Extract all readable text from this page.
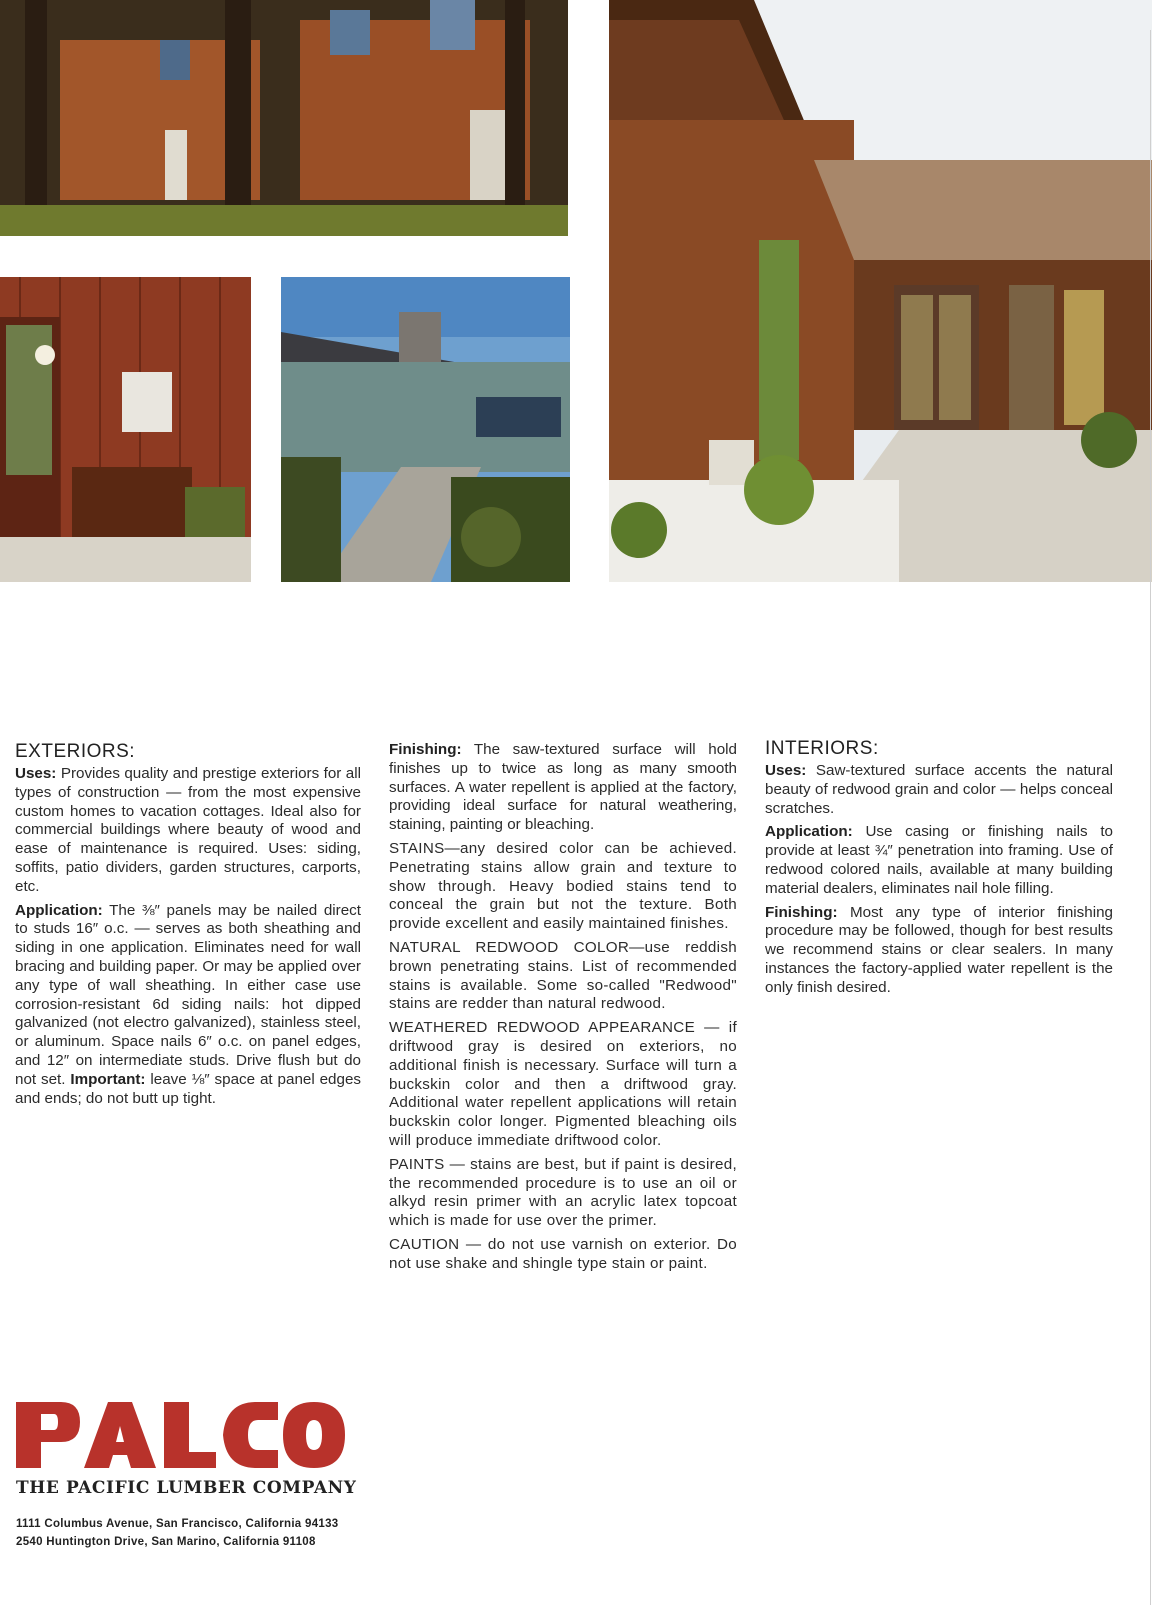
EXTERIORS:

Uses: Provides quality and prestige exteriors for all types of construction — from the most expensive custom homes to vacation cottages. Ideal also for commercial buildings where beauty of wood and ease of maintenance is required. Uses: siding, soffits, patio dividers, garden structures, carports, etc.

Application: The ⅜″ panels may be nailed direct to studs 16″ o.c. — serves as both sheathing and siding in one application. Eliminates need for wall bracing and building paper. Or may be applied over any type of wall sheathing. In either case use corrosion-resistant 6d siding nails: hot dipped galvanized (not electro galvanized), stainless steel, or aluminum. Space nails 6″ o.c. on panel edges, and 12″ on intermediate studs. Drive flush but do not set. Important: leave ⅛″ space at panel edges and ends; do not butt up tight.

Finishing: The saw-textured surface will hold finishes up to twice as long as many smooth surfaces. A water repellent is applied at the factory, providing ideal surface for natural weathering, staining, painting or bleaching.

STAINS—any desired color can be achieved. Penetrating stains allow grain and texture to show through. Heavy bodied stains tend to conceal the grain but not the texture. Both provide excellent and easily maintained finishes.

NATURAL REDWOOD COLOR—use reddish brown penetrating stains. List of recommended stains is available. Some so-called "Redwood" stains are redder than natural redwood.

WEATHERED REDWOOD APPEARANCE — if driftwood gray is desired on exteriors, no additional finish is necessary. Surface will turn a buckskin color and then a driftwood gray. Additional water repellent applications will retain buckskin color longer. Pigmented bleaching oils will produce immediate driftwood color.

PAINTS — stains are best, but if paint is desired, the recommended procedure is to use an oil or alkyd resin primer with an acrylic latex topcoat which is made for use over the primer.

CAUTION — do not use varnish on exterior. Do not use shake and shingle type stain or paint.

INTERIORS:

Uses: Saw-textured surface accents the natural beauty of redwood grain and color — helps conceal scratches.

Application: Use casing or finishing nails to provide at least ¾″ penetration into framing. Use of redwood colored nails, available at many building material dealers, eliminates nail hole filling.

Finishing: Most any type of interior finishing procedure may be followed, though for best results we recommend stains or clear sealers. In many instances the factory-applied water repellent is the only finish desired.

THE PACIFIC LUMBER COMPANY
1111 Columbus Avenue, San Francisco, California 94133
2540 Huntington Drive, San Marino, California 91108
